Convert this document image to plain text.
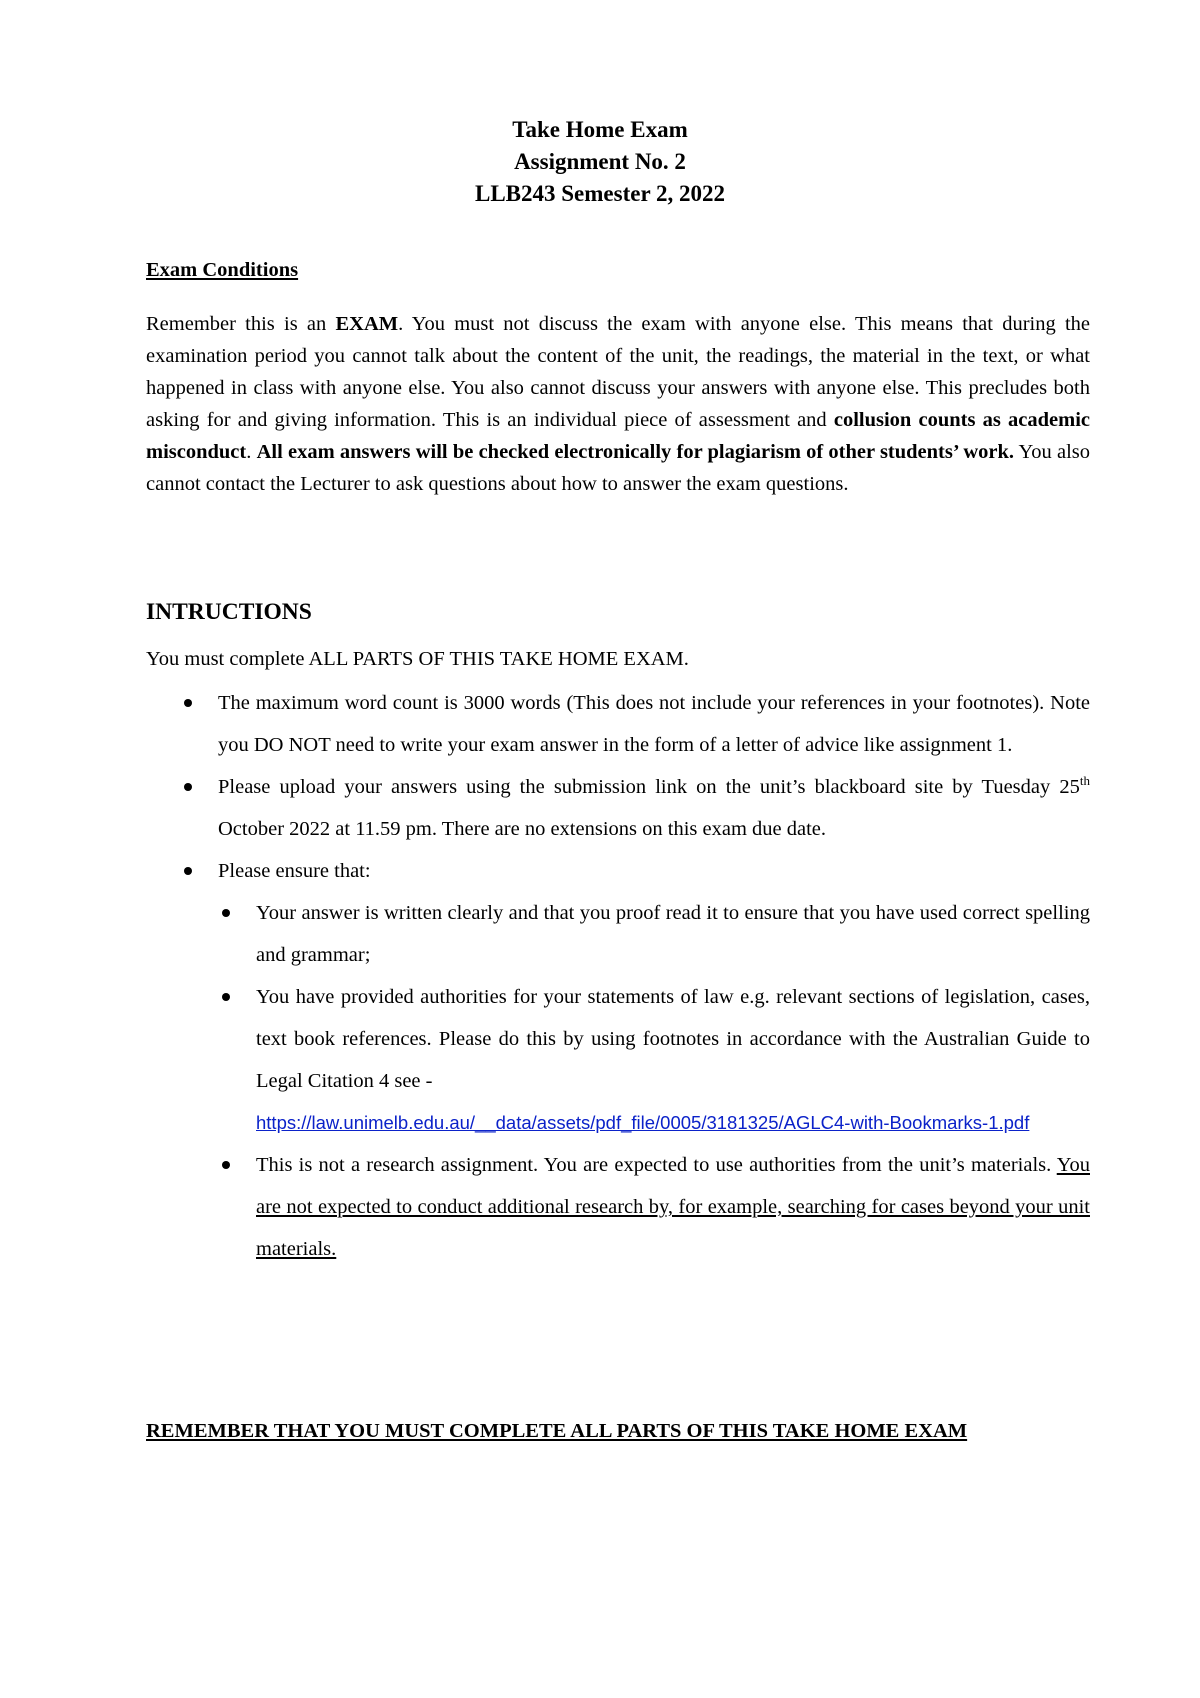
Take Home Exam
Assignment No. 2
LLB243 Semester 2, 2022
Exam Conditions
Remember this is an EXAM. You must not discuss the exam with anyone else. This means that during the examination period you cannot talk about the content of the unit, the readings, the material in the text, or what happened in class with anyone else. You also cannot discuss your answers with anyone else. This precludes both asking for and giving information. This is an individual piece of assessment and collusion counts as academic misconduct. All exam answers will be checked electronically for plagiarism of other students’ work. You also cannot contact the Lecturer to ask questions about how to answer the exam questions.
INTRUCTIONS
You must complete ALL PARTS OF THIS TAKE HOME EXAM.
The maximum word count is 3000 words (This does not include your references in your footnotes). Note you DO NOT need to write your exam answer in the form of a letter of advice like assignment 1.
Please upload your answers using the submission link on the unit’s blackboard site by Tuesday 25th October 2022 at 11.59 pm. There are no extensions on this exam due date.
Please ensure that:
Your answer is written clearly and that you proof read it to ensure that you have used correct spelling and grammar;
You have provided authorities for your statements of law e.g. relevant sections of legislation, cases, text book references. Please do this by using footnotes in accordance with the Australian Guide to Legal Citation 4 see -
https://law.unimelb.edu.au/__data/assets/pdf_file/0005/3181325/AGLC4-with-Bookmarks-1.pdf
This is not a research assignment. You are expected to use authorities from the unit’s materials. You are not expected to conduct additional research by, for example, searching for cases beyond your unit materials.
REMEMBER THAT YOU MUST COMPLETE ALL PARTS OF THIS TAKE HOME EXAM
